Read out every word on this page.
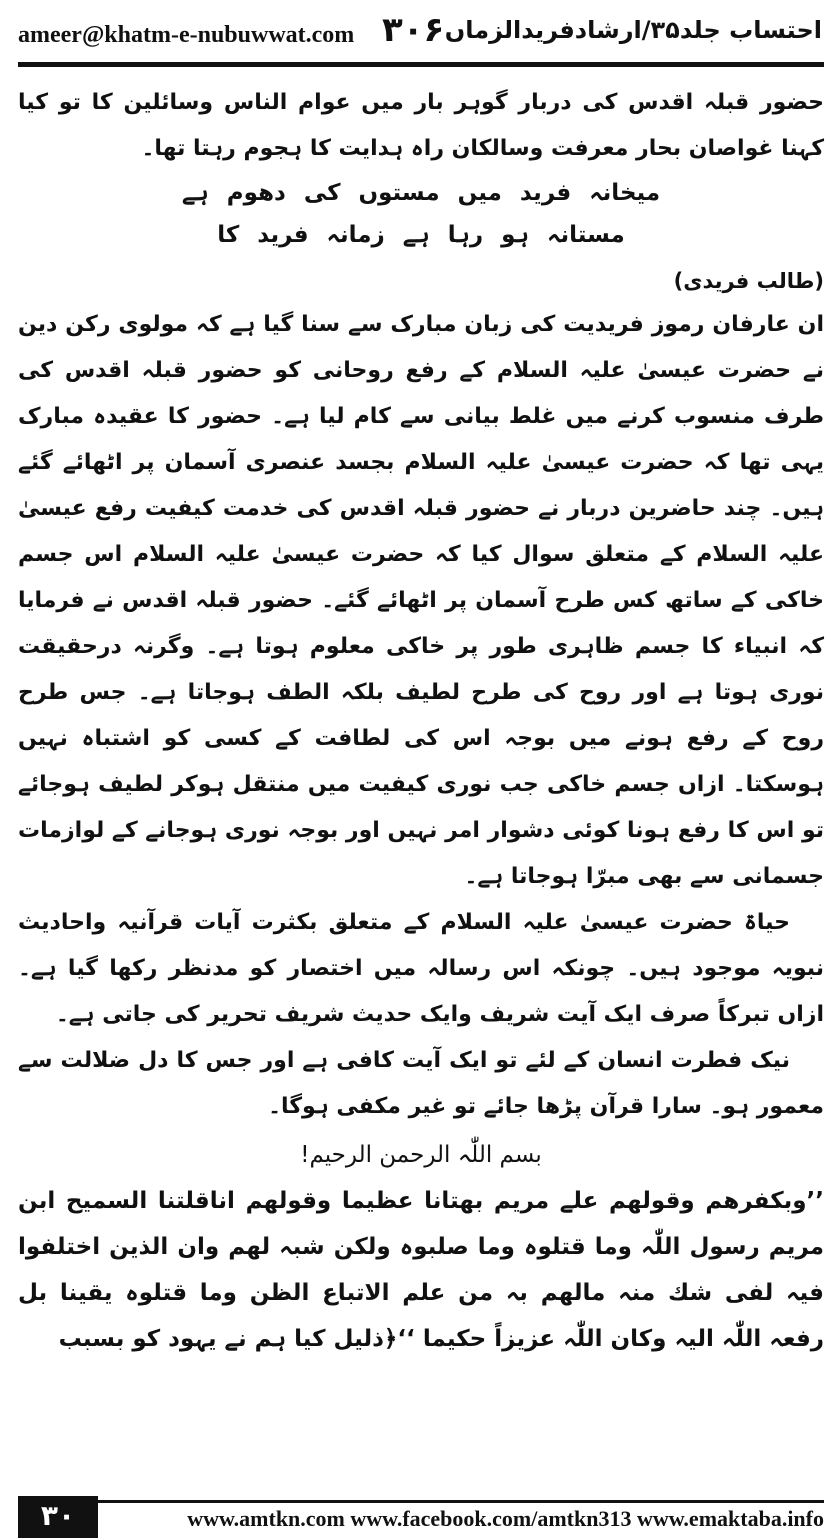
ameer@khatm-e-nubuwwat.com ۳۰۶ احتساب جلد۳۵/ارشادفریدالزماں

حضور قبلہ اقدس کی دربار گوہر بار میں عوام الناس وسائلین کا تو کیا کہنا غواصان بحار معرفت وسالکان راہ ہدایت کا ہجوم رہتا تھا۔

میخانہ فرید میں مستوں کی دھوم ہے
مستانہ ہو رہا ہے زمانہ فرید کا
(طالب فریدی)

ان عارفان رموز فریدیت کی زبان مبارک سے سنا گیا ہے کہ مولوی رکن دین نے حضرت عیسیٰ علیہ السلام کے رفع روحانی کو حضور قبلہ اقدس کی طرف منسوب کرنے میں غلط بیانی سے کام لیا ہے۔ حضور کا عقیدہ مبارک یہی تھا کہ حضرت عیسیٰ علیہ السلام بجسد عنصری آسمان پر اٹھائے گئے ہیں۔ چند حاضرین دربار نے حضور قبلہ اقدس کی خدمت کیفیت رفع عیسیٰ علیہ السلام کے متعلق سوال کیا کہ حضرت عیسیٰ علیہ السلام اس جسم خاکی کے ساتھ کس طرح آسمان پر اٹھائے گئے۔ حضور قبلہ اقدس نے فرمایا کہ انبیاء کا جسم ظاہری طور پر خاکی معلوم ہوتا ہے۔ وگرنہ درحقیقت نوری ہوتا ہے اور روح کی طرح لطیف بلکہ الطف ہوجاتا ہے۔ جس طرح روح کے رفع ہونے میں بوجہ اس کی لطافت کے کسی کو اشتباہ نہیں ہوسکتا۔ ازاں جسم خاکی جب نوری کیفیت میں منتقل ہوکر لطیف ہوجائے تو اس کا رفع ہونا کوئی دشوار امر نہیں اور بوجہ نوری ہوجانے کے لوازمات جسمانی سے بھی مبرّا ہوجاتا ہے۔

حیاۃ حضرت عیسیٰ علیہ السلام کے متعلق بکثرت آیات قرآنیہ واحادیث نبویہ موجود ہیں۔ چونکہ اس رسالہ میں اختصار کو مدنظر رکھا گیا ہے۔ ازاں تبرکاً صرف ایک آیت شریف وایک حدیث شریف تحریر کی جاتی ہے۔

نیک فطرت انسان کے لئے تو ایک آیت کافی ہے اور جس کا دل ضلالت سے معمور ہو۔ سارا قرآن پڑھا جائے تو غیر مکفی ہوگا۔

بسم اللّٰہ الرحمن الرحیم!

’’وبکفرھم وقولھم علے مریم بھتانا عظیما وقولھم اناقلتنا السمیح ابن مریم رسول اللّٰہ وما قتلوہ وما صلبوہ ولکن شبہ لھم وان الذین اختلفوا فیہ لفی شك منہ مالھم بہ من علم الاتباع الظن وما قتلوہ یقینا بل رفعہ اللّٰہ الیہ وکان اللّٰہ عزیزاً حکیما ‘‘﴿ذلیل کیا ہم نے یہود کو بسبب

۳۰	www.amtkn.com www.facebook.com/amtkn313 www.emaktaba.info
